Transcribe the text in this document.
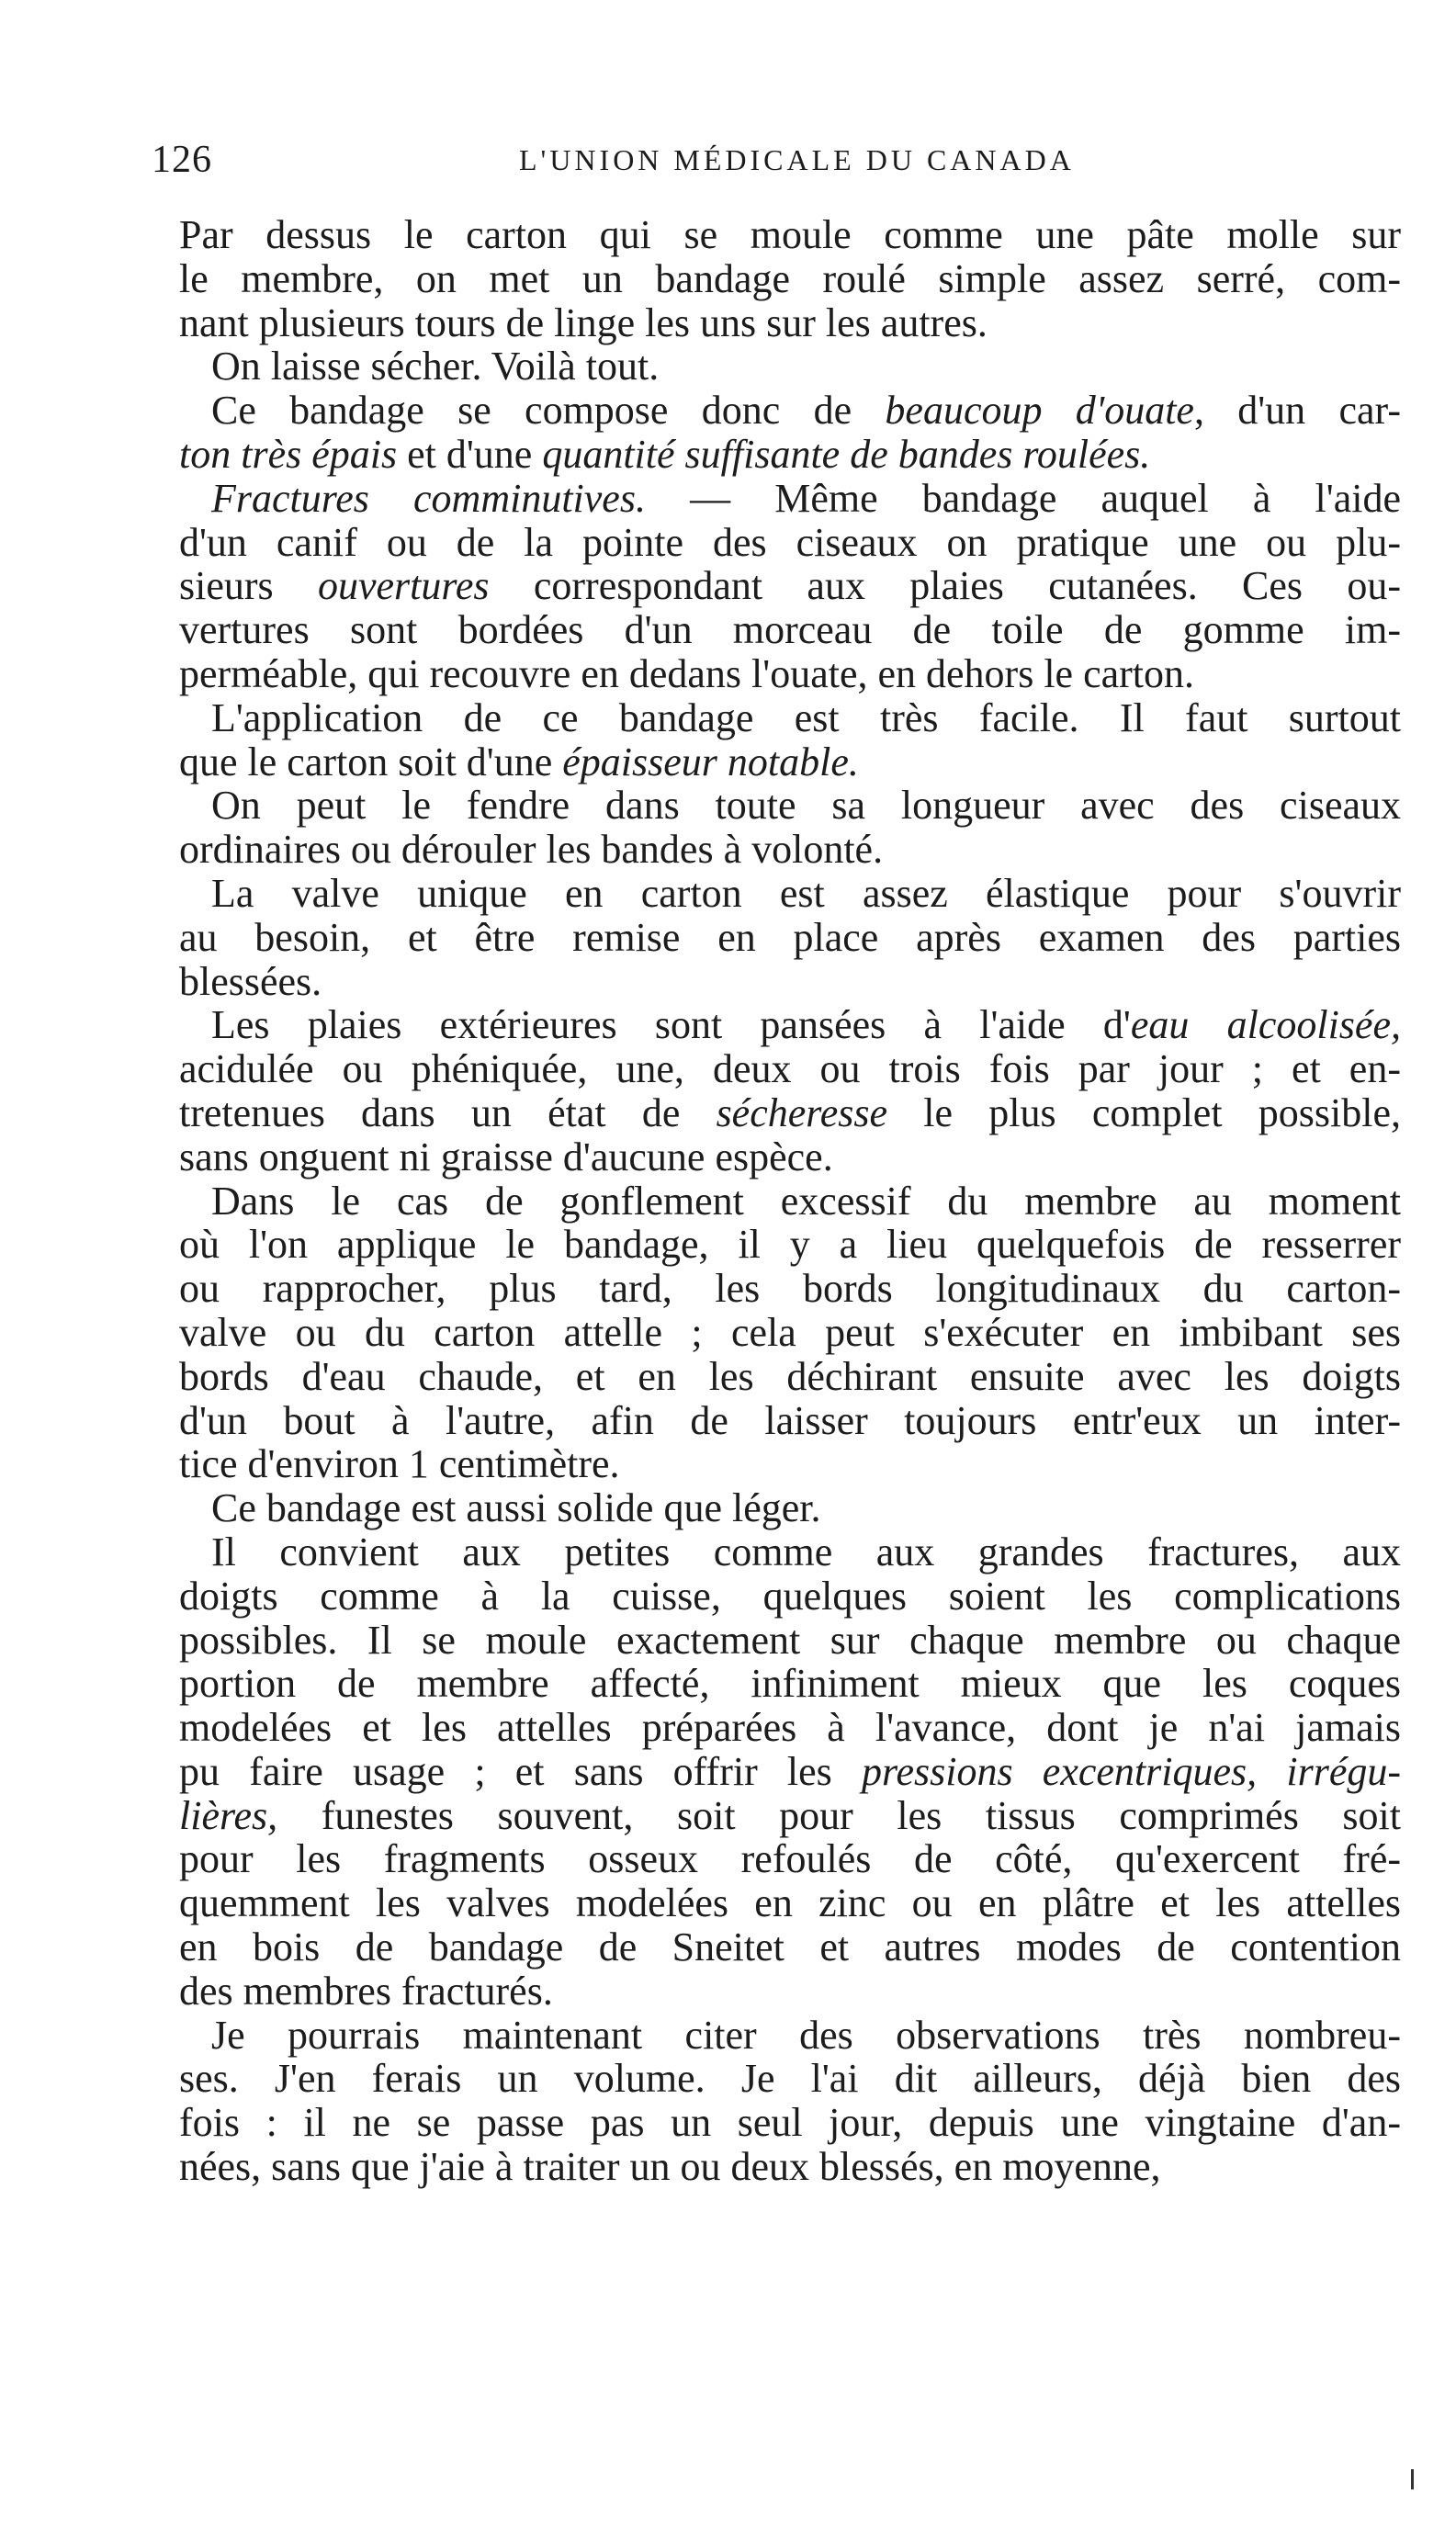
126	L'UNION MÉDICALE DU CANADA
Par dessus le carton qui se moule comme une pâte molle sur
le membre, on met un bandage roulé simple assez serré, com-
nant plusieurs tours de linge les uns sur les autres.
On laisse sécher. Voilà tout.
Ce bandage se compose donc de beaucoup d'ouate, d'un car-
ton très épais et d'une quantité suffisante de bandes roulées.
Fractures comminutives. — Même bandage auquel à l'aide
d'un canif ou de la pointe des ciseaux on pratique une ou plu-
sieurs ouvertures correspondant aux plaies cutanées. Ces ou-
vertures sont bordées d'un morceau de toile de gomme im-
perméable, qui recouvre en dedans l'ouate, en dehors le carton.
L'application de ce bandage est très facile. Il faut surtout
que le carton soit d'une épaisseur notable.
On peut le fendre dans toute sa longueur avec des ciseaux
ordinaires ou dérouler les bandes à volonté.
La valve unique en carton est assez élastique pour s'ouvrir
au besoin, et être remise en place après examen des parties
blessées.
Les plaies extérieures sont pansées à l'aide d'eau alcoolisée,
acidulée ou phéniquée, une, deux ou trois fois par jour ; et en-
tretenues dans un état de sécheresse le plus complet possible,
sans onguent ni graisse d'aucune espèce.
Dans le cas de gonflement excessif du membre au moment
où l'on applique le bandage, il y a lieu quelquefois de resserrer
ou rapprocher, plus tard, les bords longitudinaux du carton-
valve ou du carton attelle ; cela peut s'exécuter en imbibant ses
bords d'eau chaude, et en les déchirant ensuite avec les doigts
d'un bout à l'autre, afin de laisser toujours entr'eux un inter-
tice d'environ 1 centimètre.
Ce bandage est aussi solide que léger.
Il convient aux petites comme aux grandes fractures, aux
doigts comme à la cuisse, quelques soient les complications
possibles. Il se moule exactement sur chaque membre ou chaque
portion de membre affecté, infiniment mieux que les coques
modelées et les attelles préparées à l'avance, dont je n'ai jamais
pu faire usage ; et sans offrir les pressions excentriques, irrégu-
lières, funestes souvent, soit pour les tissus comprimés soit
pour les fragments osseux refoulés de côté, qu'exercent fré-
quemment les valves modelées en zinc ou en plâtre et les attelles
en bois de bandage de Sneitet et autres modes de contention
des membres fracturés.
Je pourrais maintenant citer des observations très nombreu-
ses. J'en ferais un volume. Je l'ai dit ailleurs, déjà bien des
fois : il ne se passe pas un seul jour, depuis une vingtaine d'an-
nées, sans que j'aie à traiter un ou deux blessés, en moyenne,
